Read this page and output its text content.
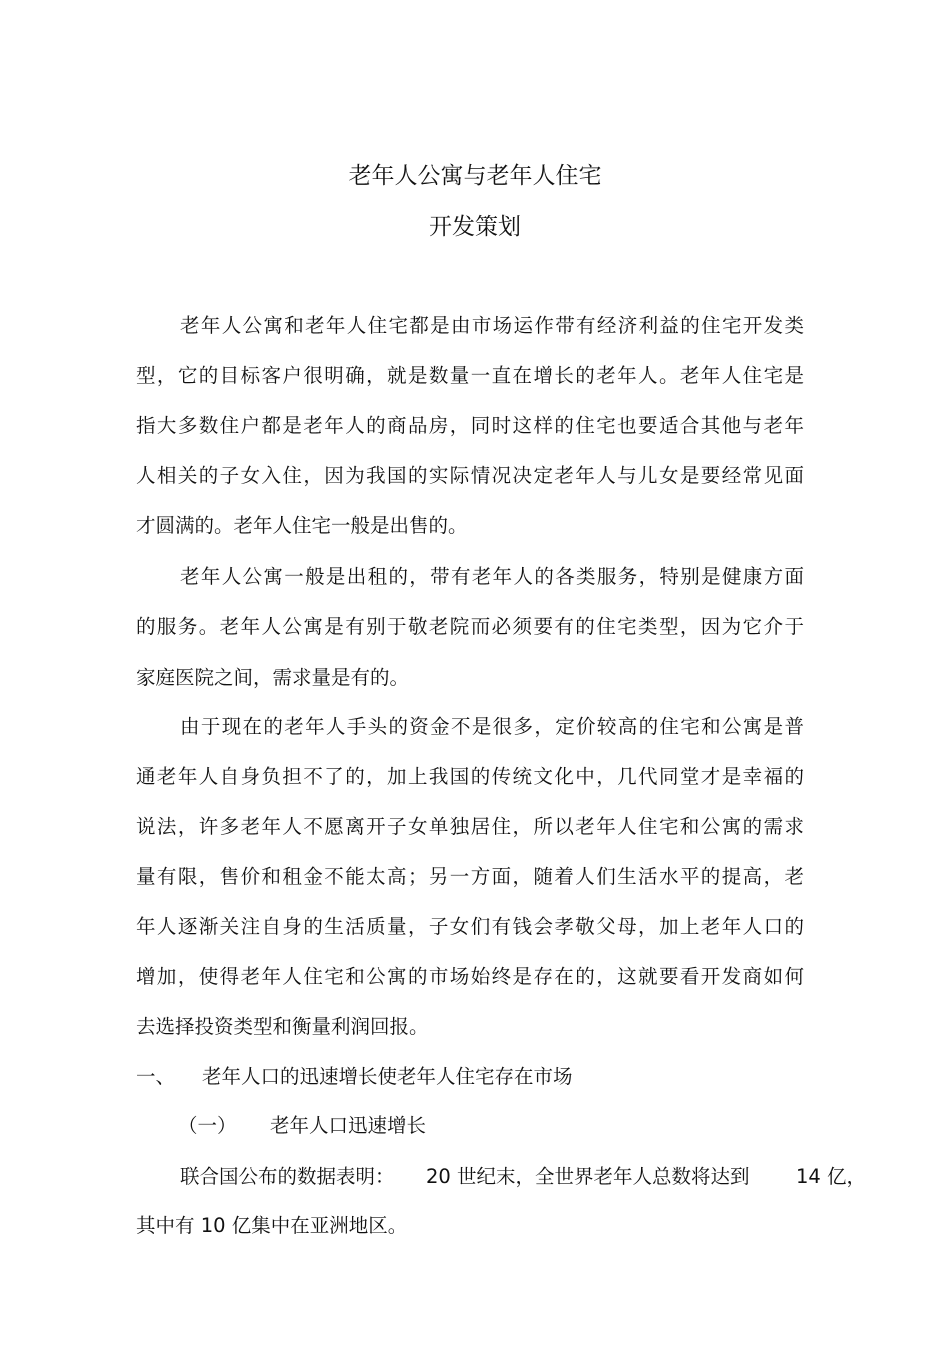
老年人公寓与老年人住宅
开发策划
老年人公寓和老年人住宅都是由市场运作带有经济利益的住宅开发类
型，它的目标客户很明确，就是数量一直在增长的老年人。老年人住宅是
指大多数住户都是老年人的商品房，同时这样的住宅也要适合其他与老年
人相关的子女入住，因为我国的实际情况决定老年人与儿女是要经常见面
才圆满的。老年人住宅一般是出售的。
老年人公寓一般是出租的，带有老年人的各类服务，特别是健康方面
的服务。老年人公寓是有别于敬老院而必须要有的住宅类型，因为它介于
家庭医院之间，需求量是有的。
由于现在的老年人手头的资金不是很多，定价较高的住宅和公寓是普
通老年人自身负担不了的，加上我国的传统文化中，几代同堂才是幸福的
说法，许多老年人不愿离开子女单独居住，所以老年人住宅和公寓的需求
量有限，售价和租金不能太高；另一方面，随着人们生活水平的提高，老
年人逐渐关注自身的生活质量，子女们有钱会孝敬父母，加上老年人口的
增加，使得老年人住宅和公寓的市场始终是存在的，这就要看开发商如何
去选择投资类型和衡量利润回报。
一、 老年人口的迅速增长使老年人住宅存在市场
（一） 老年人口迅速增长
联合国公布的数据表明： 20 世纪末，全世界老年人总数将达到 14 亿，
其中有 10 亿集中在亚洲地区。
